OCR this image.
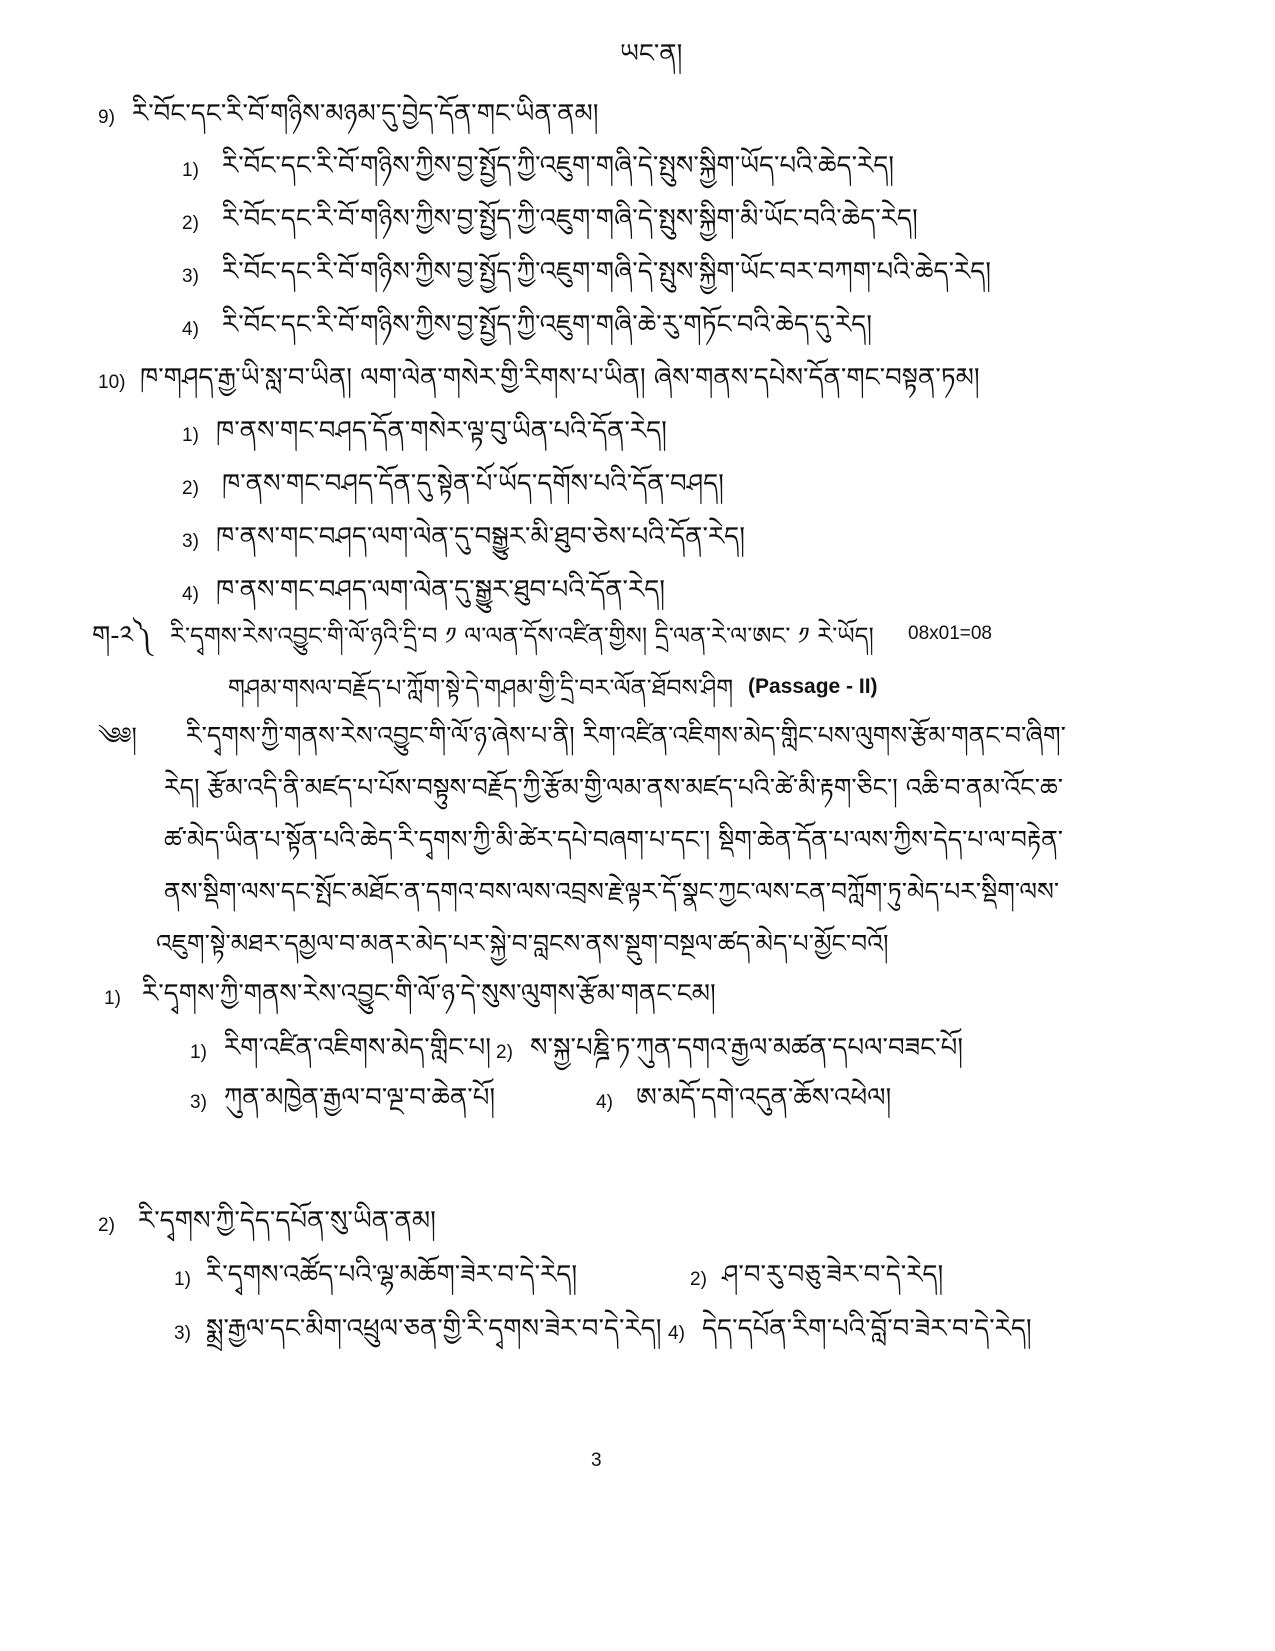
ཡང་ན།
9) རི་བོང་དང་རི་བོ་གཉིས་མཉམ་དུ་བྱེད་དོན་གང་ཡིན་ནམ།
1) རི་བོང་དང་རི་བོ་གཉིས་ཀྱིས་བྱ་སྤྱོད་ཀྱི་འཇུག་གཞི་དེ་སྤུས་སྐྱིག་ཡོད་པའི་ཆེད་རེད།
2) རི་བོང་དང་རི་བོ་གཉིས་ཀྱིས་བྱ་སྤྱོད་ཀྱི་འཇུག་གཞི་དེ་སྤུས་སྐྱིག་མི་ཡོང་བའི་ཆེད་རེད།
3) རི་བོང་དང་རི་བོ་གཉིས་ཀྱིས་བྱ་སྤྱོད་ཀྱི་འཇུག་གཞི་དེ་སྤུས་སྐྱིག་ཡོང་བར་བཀག་པའི་ཆེད་རེད།
4) རི་བོང་དང་རི་བོ་གཉིས་ཀྱིས་བྱ་སྤྱོད་ཀྱི་འཇུག་གཞི་ཆེ་རུ་གཏོང་བའི་ཆེད་དུ་རེད།
10) ཁ་གཤད་རྒྱ་ཡི་སླ་བ་ཡིན། ལག་ལེན་གསེར་གྱི་རིགས་པ་ཡིན། ཞེས་གནས་དཔེས་དོན་གང་བསྟན་ཏམ།
1) ཁ་ནས་གང་བཤད་དོན་གསེར་ལྟ་བུ་ཡིན་པའི་དོན་རེད།
2) ཁ་ནས་གང་བཤད་དོན་དུ་སྟེན་པོ་ཡོད་དགོས་པའི་དོན་བཤད།
3) ཁ་ནས་གང་བཤད་ལག་ལེན་དུ་བསྒྱུར་མི་ཐུབ་ཅེས་པའི་དོན་རེད།
4) ཁ་ནས་གང་བཤད་ལག་ལེན་དུ་སྒྱུར་ཐུབ་པའི་དོན་རེད།
ག-༢༽ རི་དྭགས་རེས་འབྱུང་གི་ལོ་ཉའི་དྲི་བ ༡ ལ་ལན་དོས་འཛིན་གྱིས། དྲི་ལན་རེ་ལ་ཨང་ ༡ རེ་ཡོད། 08x01=08
གཤམ་གསལ་བརྗོད་པ་ཀློག་སྟེ་དེ་གཤམ་གྱི་དྲི་བར་ལོན་ཐོབས་ཤིག (Passage - II)
༄༅། རི་དྭགས་ཀྱི་གནས་རེས་འབྱུང་གི་ལོ་ཉ་ཞེས་པ་ནི། རིག་འཛིན་འཇིགས་མེད་གླིང་པས་ལུགས་རྩོམ་གནང་བ་ཞིག་
རེད། རྩོམ་འདི་ནི་མཛད་པ་པོས་བསྟུས་བརྗོད་ཀྱི་རྩོམ་གྱི་ལམ་ནས་མཛད་པའི་ཚེ་མི་རྟག་ཅིང་། འཆི་བ་ནམ་འོང་ཆ་
ཚ་མེད་ཡིན་པ་སྟོན་པའི་ཆེད་རི་དྭགས་ཀྱི་མི་ཚེར་དཔེ་བཞག་པ་དང་། སྡིག་ཆེན་དོན་པ་ལས་ཀྱིས་དེད་པ་ལ་བརྟེན་
ནས་སྡིག་ལས་དང་སྤོང་མཐོང་ན་དགའ་བས་ལས་འབྲས་རྗེ་ལྟར་དོ་སྣང་ཀྱང་ལས་ངན་བཀློག་ཏུ་མེད་པར་སྡིག་ལས་
འཇུག་སྟེ་མཐར་དམྱལ་བ་མནར་མེད་པར་སྐྱེ་བ་བླངས་ནས་སྡུག་བསྔལ་ཚད་མེད་པ་མྱོང་བའོ།
1) རི་དྭགས་ཀྱི་གནས་རེས་འབྱུང་གི་ལོ་ཉ་དེ་སུས་ལུགས་རྩོམ་གནང་ངམ།
1) རིག་འཛིན་འཇིགས་མེད་གླིང་པ། 2) ས་སྐྱ་པཎྜི་ཏ་ཀུན་དགའ་རྒྱལ་མཚན་དཔལ་བཟང་པོ།
3) ཀུན་མཁྱེན་རྒྱལ་བ་ལྔ་བ་ཆེན་པོ།	4) ཨ་མདོ་དགེ་འདུན་ཆོས་འཕེལ།
2) རི་དྭགས་ཀྱི་དེད་དཔོན་སུ་ཡིན་ནམ།
1) རི་དྭགས་འཚོད་པའི་ལྷ་མཆོག་ཟེར་བ་དེ་རེད།	2) ཤ་བ་རུ་བཅུ་ཟེར་བ་དེ་རེད།
3) སྨྲ་རྒྱལ་དང་མིག་འཕྲུལ་ཅན་གྱི་རི་དྭགས་ཟེར་བ་དེ་རེད། 4) དེད་དཔོན་རིག་པའི་བློ་བ་ཟེར་བ་དེ་རེད།
3
